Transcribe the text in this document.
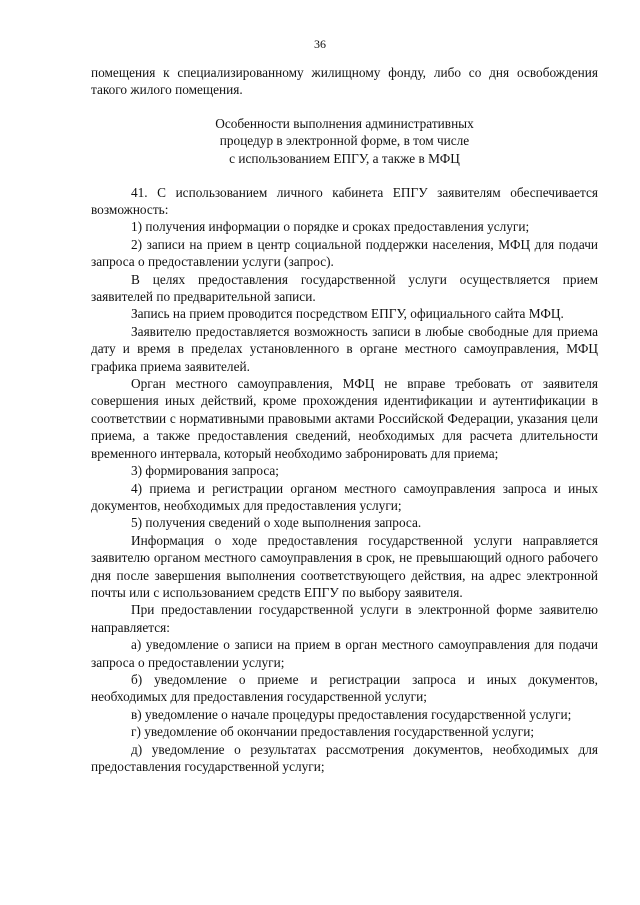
36

помещения к специализированному жилищному фонду, либо со дня освобождения такого жилого помещения.

Особенности выполнения административных
процедур в электронной форме, в том числе
с использованием ЕПГУ, а также в МФЦ

41. С использованием личного кабинета ЕПГУ заявителям обеспечивается возможность:

1) получения информации о порядке и сроках предоставления услуги;

2) записи на прием в центр социальной поддержки населения, МФЦ для подачи запроса о предоставлении услуги (запрос).

В целях предоставления государственной услуги осуществляется прием заявителей по предварительной записи.

Запись на прием проводится посредством ЕПГУ, официального сайта МФЦ.

Заявителю предоставляется возможность записи в любые свободные для приема дату и время в пределах установленного в органе местного самоуправления, МФЦ графика приема заявителей.

Орган местного самоуправления, МФЦ не вправе требовать от заявителя совершения иных действий, кроме прохождения идентификации и аутентификации в соответствии с нормативными правовыми актами Российской Федерации, указания цели приема, а также предоставления сведений, необходимых для расчета длительности временного интервала, который необходимо забронировать для приема;

3) формирования запроса;

4) приема и регистрации органом местного самоуправления запроса и иных документов, необходимых для предоставления услуги;

5) получения сведений о ходе выполнения запроса.

Информация о ходе предоставления государственной услуги направляется заявителю органом местного самоуправления в срок, не превышающий одного рабочего дня после завершения выполнения соответствующего действия, на адрес электронной почты или с использованием средств ЕПГУ по выбору заявителя.

При предоставлении государственной услуги в электронной форме заявителю направляется:

а) уведомление о записи на прием в орган местного самоуправления для подачи запроса о предоставлении услуги;

б) уведомление о приеме и регистрации запроса и иных документов, необходимых для предоставления государственной услуги;

в) уведомление о начале процедуры предоставления государственной услуги;

г) уведомление об окончании предоставления государственной услуги;

д) уведомление о результатах рассмотрения документов, необходимых для предоставления государственной услуги;
